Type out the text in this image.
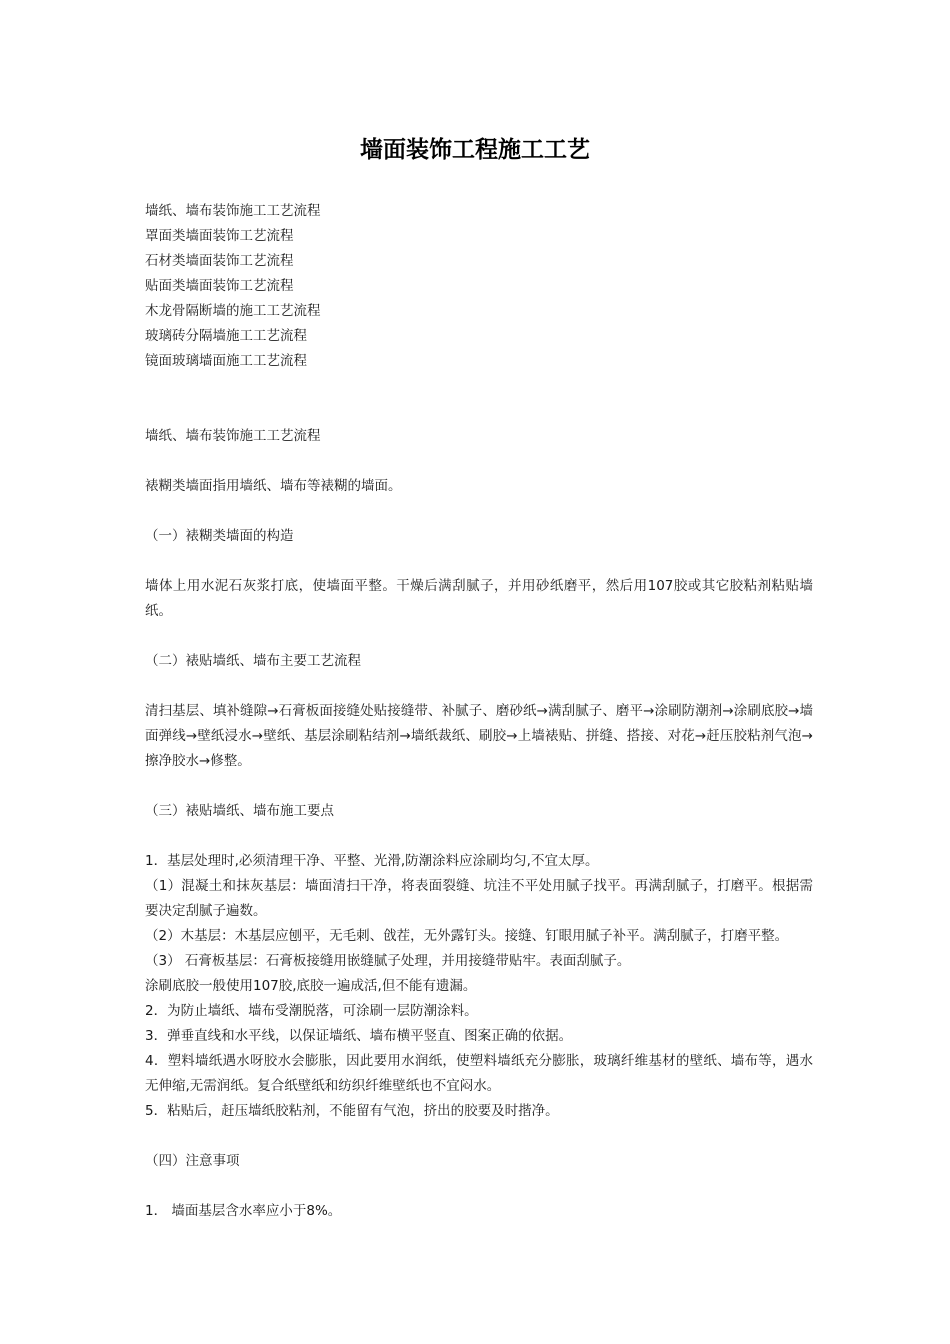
墙面装饰工程施工工艺

墙纸、墙布装饰施工工艺流程

罩面类墙面装饰工艺流程

石材类墙面装饰工艺流程

贴面类墙面装饰工艺流程

木龙骨隔断墙的施工工艺流程

玻璃砖分隔墙施工工艺流程

镜面玻璃墙面施工工艺流程

墙纸、墙布装饰施工工艺流程

裱糊类墙面指用墙纸、墙布等裱糊的墙面。

（一）裱糊类墙面的构造

墙体上用水泥石灰浆打底，使墙面平整。干燥后满刮腻子，并用砂纸磨平，然后用107胶或其它胶粘剂粘贴墙纸。

（二）裱贴墙纸、墙布主要工艺流程

清扫基层、填补缝隙→石膏板面接缝处贴接缝带、补腻子、磨砂纸→满刮腻子、磨平→涂刷防潮剂→涂刷底胶→墙面弹线→壁纸浸水→壁纸、基层涂刷粘结剂→墙纸裁纸、刷胶→上墙裱贴、拼缝、搭接、对花→赶压胶粘剂气泡→擦净胶水→修整。

（三）裱贴墙纸、墙布施工要点

1．基层处理时,必须清理干净、平整、光滑,防潮涂料应涂刷均匀,不宜太厚。

（1）混凝土和抹灰基层：墙面清扫干净，将表面裂缝、坑洼不平处用腻子找平。再满刮腻子，打磨平。根据需要决定刮腻子遍数。

（2）木基层：木基层应刨平，无毛刺、戗茬，无外露钉头。接缝、钉眼用腻子补平。满刮腻子，打磨平整。

（3） 石膏板基层：石膏板接缝用嵌缝腻子处理，并用接缝带贴牢。表面刮腻子。

涂刷底胶一般使用107胶,底胶一遍成活,但不能有遗漏。

2．为防止墙纸、墙布受潮脱落，可涂刷一层防潮涂料。

3．弹垂直线和水平线，以保证墙纸、墙布横平竖直、图案正确的依据。

4．塑料墙纸遇水呀胶水会膨胀，因此要用水润纸，使塑料墙纸充分膨胀，玻璃纤维基材的壁纸、墙布等，遇水无伸缩,无需润纸。复合纸壁纸和纺织纤维壁纸也不宜闷水。

5．粘贴后，赶压墙纸胶粘剂，不能留有气泡，挤出的胶要及时揩净。

（四）注意事项

1． 墙面基层含水率应小于8%。
